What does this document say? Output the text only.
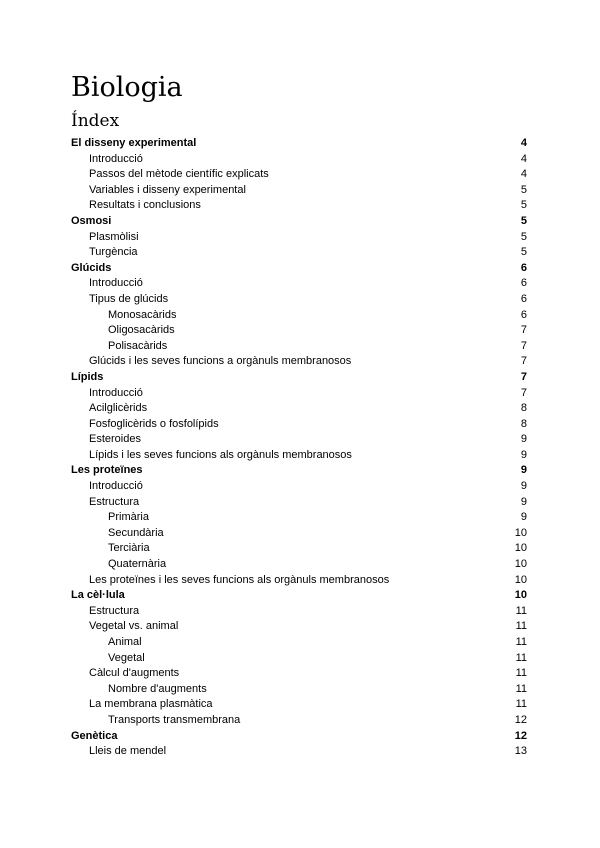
Biologia
Índex
El disseny experimental	4
Introducció	4
Passos del mètode científic explicats	4
Variables i disseny experimental	5
Resultats i conclusions	5
Osmosi	5
Plasmòlisi	5
Turgència	5
Glúcids	6
Introducció	6
Tipus de glúcids	6
Monosacàrids	6
Oligosacàrids	7
Polisacàrids	7
Glúcids i les seves funcions a orgànuls membranosos	7
Lípids	7
Introducció	7
Acilglicèrids	8
Fosfoglicèrids o fosfolípids	8
Esteroides	9
Lípids i les seves funcions als orgànuls membranosos	9
Les proteïnes	9
Introducció	9
Estructura	9
Primària	9
Secundària	10
Terciària	10
Quaternària	10
Les proteïnes i les seves funcions als orgànuls membranosos	10
La cèl·lula	10
Estructura	11
Vegetal vs. animal	11
Animal	11
Vegetal	11
Càlcul d'augments	11
Nombre d'augments	11
La membrana plasmàtica	11
Transports transmembrana	12
Genètica	12
Lleis de mendel	13
